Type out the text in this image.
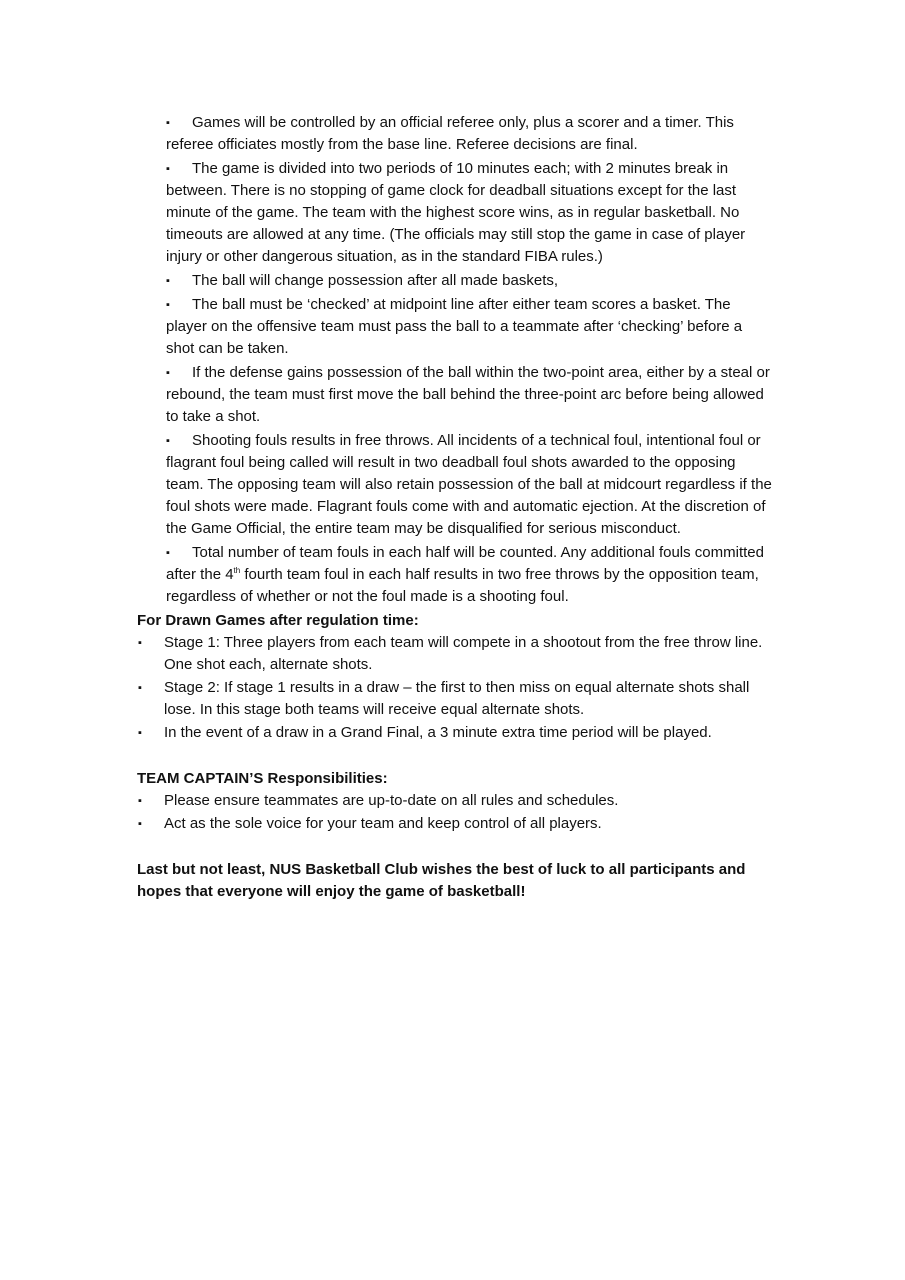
▪ Games will be controlled by an official referee only, plus a scorer and a timer. This referee officiates mostly from the base line. Referee decisions are final.
▪ The game is divided into two periods of 10 minutes each; with 2 minutes break in between. There is no stopping of game clock for deadball situations except for the last minute of the game. The team with the highest score wins, as in regular basketball. No timeouts are allowed at any time. (The officials may still stop the game in case of player injury or other dangerous situation, as in the standard FIBA rules.)
▪ The ball will change possession after all made baskets,
▪ The ball must be ‘checked’ at midpoint line after either team scores a basket. The player on the offensive team must pass the ball to a teammate after ‘checking’ before a shot can be taken.
▪ If the defense gains possession of the ball within the two-point area, either by a steal or rebound, the team must first move the ball behind the three-point arc before being allowed to take a shot.
▪ Shooting fouls results in free throws. All incidents of a technical foul, intentional foul or flagrant foul being called will result in two deadball foul shots awarded to the opposing team. The opposing team will also retain possession of the ball at midcourt regardless if the foul shots were made. Flagrant fouls come with and automatic ejection. At the discretion of the Game Official, the entire team may be disqualified for serious misconduct.
▪ Total number of team fouls in each half will be counted. Any additional fouls committed after the 4th fourth team foul in each half results in two free throws by the opposition team, regardless of whether or not the foul made is a shooting foul.

For Drawn Games after regulation time:

▪ Stage 1: Three players from each team will compete in a shootout from the free throw line. One shot each, alternate shots.
▪ Stage 2: If stage 1 results in a draw – the first to then miss on equal alternate shots shall lose. In this stage both teams will receive equal alternate shots.
▪ In the event of a draw in a Grand Final, a 3 minute extra time period will be played.

TEAM CAPTAIN’S Responsibilities:

▪ Please ensure teammates are up-to-date on all rules and schedules.
▪ Act as the sole voice for your team and keep control of all players.

Last but not least, NUS Basketball Club wishes the best of luck to all participants and hopes that everyone will enjoy the game of basketball!
